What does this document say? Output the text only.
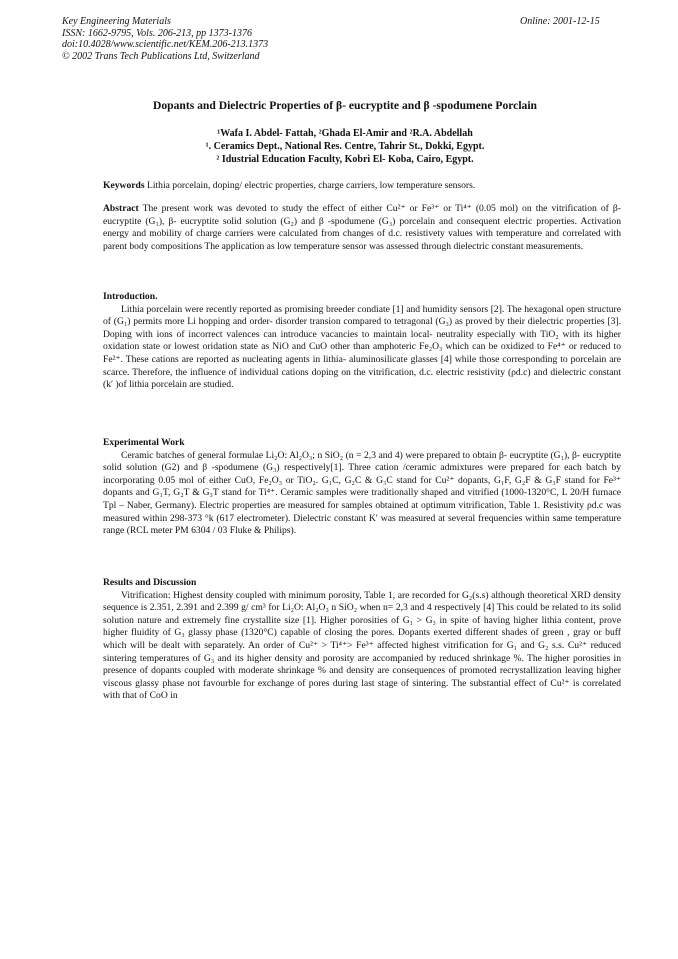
Key Engineering Materials
ISSN: 1662-9795, Vols. 206-213, pp 1373-1376
doi:10.4028/www.scientific.net/KEM.206-213.1373
© 2002 Trans Tech Publications Ltd, Switzerland
Online: 2001-12-15
Dopants and Dielectric Properties of β- eucryptite and β -spodumene Porclain
¹Wafa I. Abdel- Fattah, ²Ghada El-Amir and ²R.A. Abdellah
¹. Ceramics Dept., National Res. Centre, Tahrir St., Dokki, Egypt.
² Idustrial Education Faculty, Kobri El- Koba, Cairo, Egypt.

Keywords Lithia porcelain, doping/ electric properties, charge carriers, low temperature sensors.

Abstract The present work was devoted to study the effect of either Cu²⁺ or Fe³⁺ or Ti⁴⁺ (0.05 mol) on the vitrification of β- eucryptite (G₁), β- eucryptite solid solution (G₂) and β -spodumene (G₃) porcelain and consequent electric properties. Activation energy and mobility of charge carriers were calculated from changes of d.c. resistivety values with temperature and correlated with parent body compositions The application as low temperature sensor was assessed through dielectric constant measurements.

Introduction.

Lithia porcelain were recently reported as promising breeder condiate [1] and humidity sensors [2]. The hexagonal open structure of (G₁) permits more Li hopping and order- disorder transion compared to tetragonal (G₃) as proved by their dielectric properties [3]. Doping with ions of incorrect valences can introduce vacancies to maintain local- neutrality especially with TiO₂ with its higher oxidation state or lowest oridation state as NiO and CuO other than amphoteric Fe₂O₃ which can be oxidized to Fe⁴⁺ or reduced to Fe²⁺. These cations are reported as nucleating agents in lithia- aluminosilicate glasses [4] while those corresponding to porcelain are scarce. Therefore, the influence of individual cations doping on the vitrification, d.c. electric resistivity (ρd.c) and dielectric constant (k′ )of lithia porcelain are studied.

Experimental Work

Ceramic batches of general formulae Li₂O: Al₂O₃; n SiO₂ (n = 2,3 and 4) were prepared to obtain β- eucryptite (G₁), β- eucryptite solid solution (G2) and β -spodumene (G₃) respectively[1]. Three cation /ceramic admixtures were prepared for each batch by incorporating 0.05 mol of either CuO, Fe₂O₃ or TiO₂. G₁C, G₂C & G₃C stand for Cu²⁺ dopants, G₁F, G₂F & G₃F stand for Fe³⁺ dopants and G₁T, G₂T & G₃T stand for Ti⁴⁺. Ceramic samples were traditionally shaped and vitrified (1000-1320°C, L 20/H furnace Tpl – Naber, Germany). Electric properties are measured for samples obtained at optimum vitrification, Table 1. Resistivity ρd.c was measured within 298-373 °k (617 electrometer). Dielectric constant K′ was measured at several frequencies within same temperature range (RCL meter PM 6304 / 03 Fluke & Philips).

Results and Discussion

Vitrification: Highest density coupled with minimum porosity, Table 1, are recorded for G₂(s.s) although theoretical XRD density sequence is 2.351, 2.391 and 2.399 g/ cm³ for Li₂O: Al₂O₃ n SiO₂ when n= 2,3 and 4 respectively [4] This could be related to its solid solution nature and extremely fine crystallite size [1]. Higher porosities of G₁ > G₃ in spite of having higher lithia content, prove higher fluidity of G₃ glassy phase (1320°C) capable of closing the pores. Dopants exerted different shades of green , gray or buff which will be dealt with separately. An order of Cu²⁺ > Ti⁴⁺> Fe³⁺ affected highest vitrification for G₁ and G₂ s.s. Cu²⁺ reduced sintering temperatures of G₃ and its higher density and porosity are accompanied by reduced shrinkage %. The higher porosities in presence of dopants coupled with moderate shrinkage % and density are consequences of promoted recrystallization leaving higher viscous glassy phase not favourble for exchange of pores during last stage of sintering. The substantial effect of Cu²⁺ is correlated with that of CoO in
